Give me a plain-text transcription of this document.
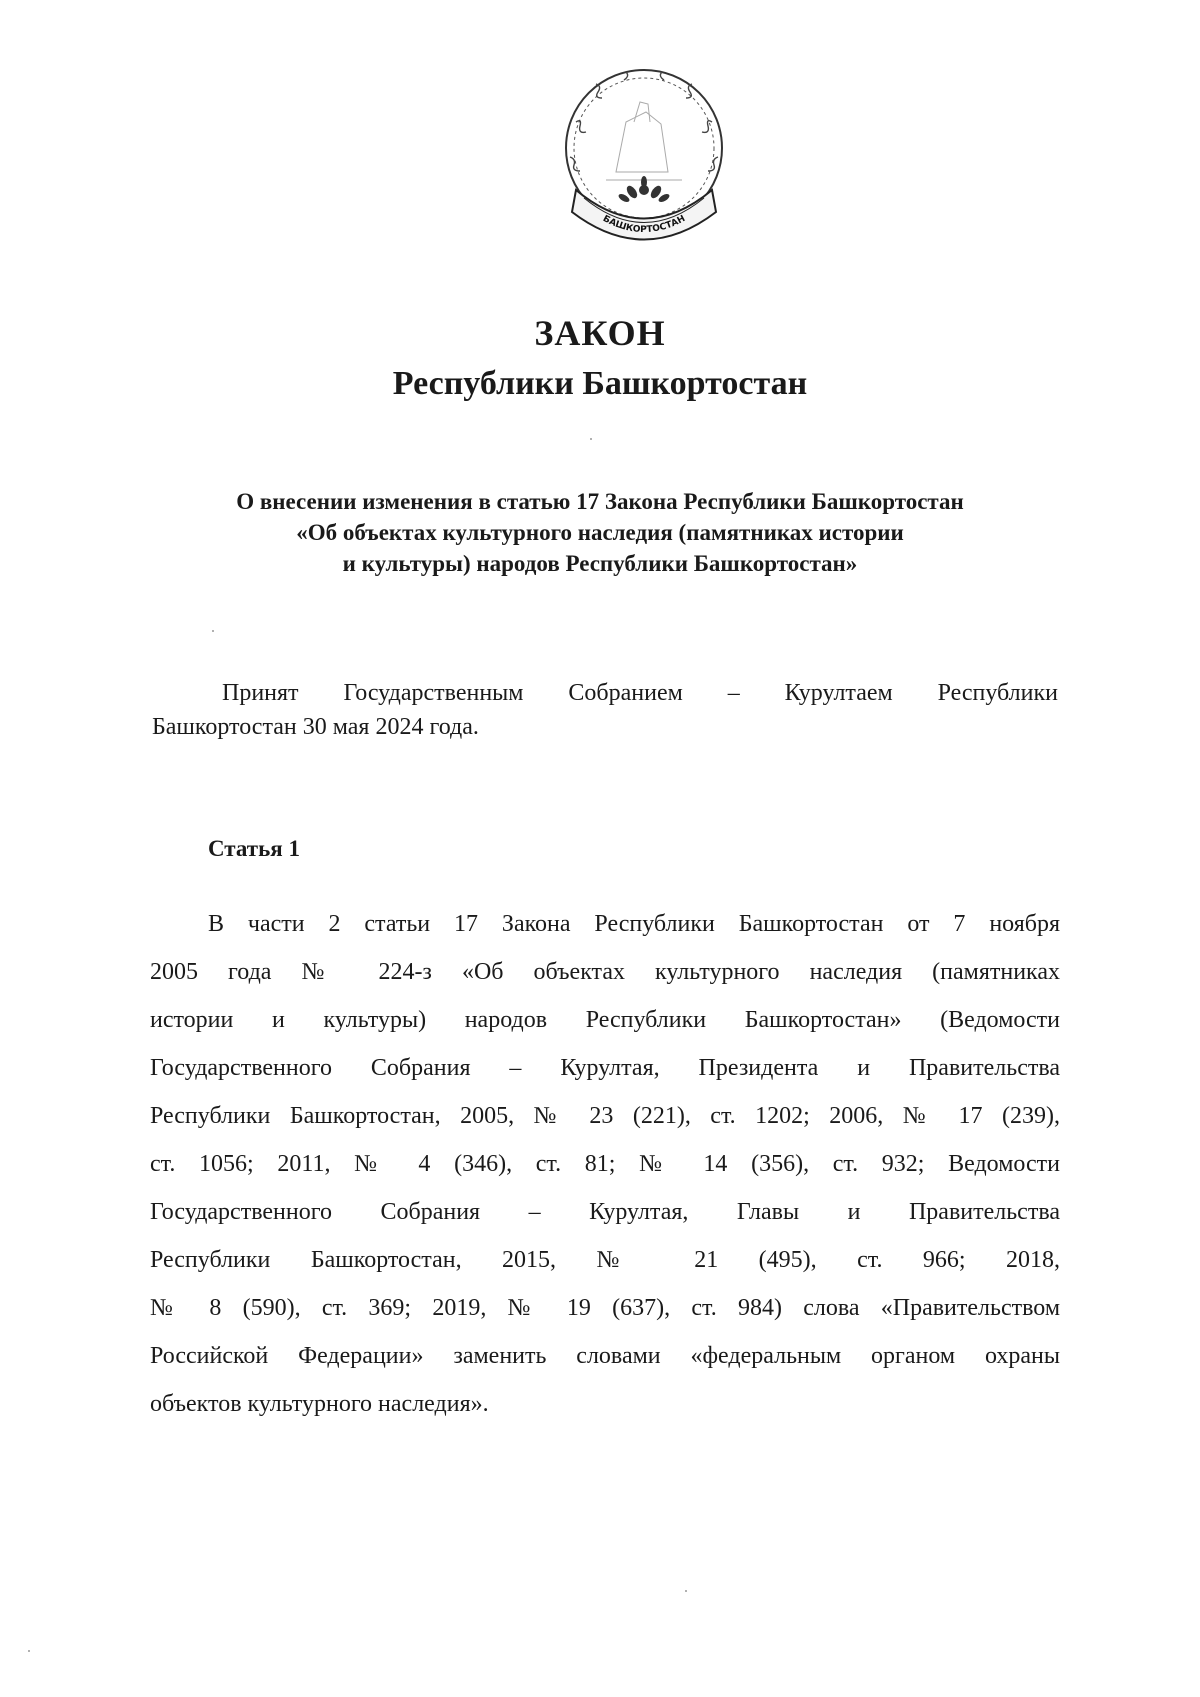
БАШКОРТОСТАН
ЗАКОН
Республики Башкортостан
О внесении изменения в статью 17 Закона Республики Башкортостан
«Об объектах культурного наследия (памятниках истории
и культуры) народов Республики Башкортостан»
Принят Государственным Собранием – Курултаем Республики
Башкортостан 30 мая 2024 года.
Статья 1
В части 2 статьи 17 Закона Республики Башкортостан от 7 ноября
2005 года № 224-з «Об объектах культурного наследия (памятниках
истории и культуры) народов Республики Башкортостан» (Ведомости
Государственного Собрания – Курултая, Президента и Правительства
Республики Башкортостан, 2005, № 23 (221), ст. 1202; 2006, № 17 (239),
ст. 1056; 2011, № 4 (346), ст. 81; № 14 (356), ст. 932; Ведомости
Государственного Собрания – Курултая, Главы и Правительства
Республики Башкортостан, 2015, № 21 (495), ст. 966; 2018,
№ 8 (590), ст. 369; 2019, № 19 (637), ст. 984) слова «Правительством
Российской Федерации» заменить словами «федеральным органом охраны
объектов культурного наследия».
